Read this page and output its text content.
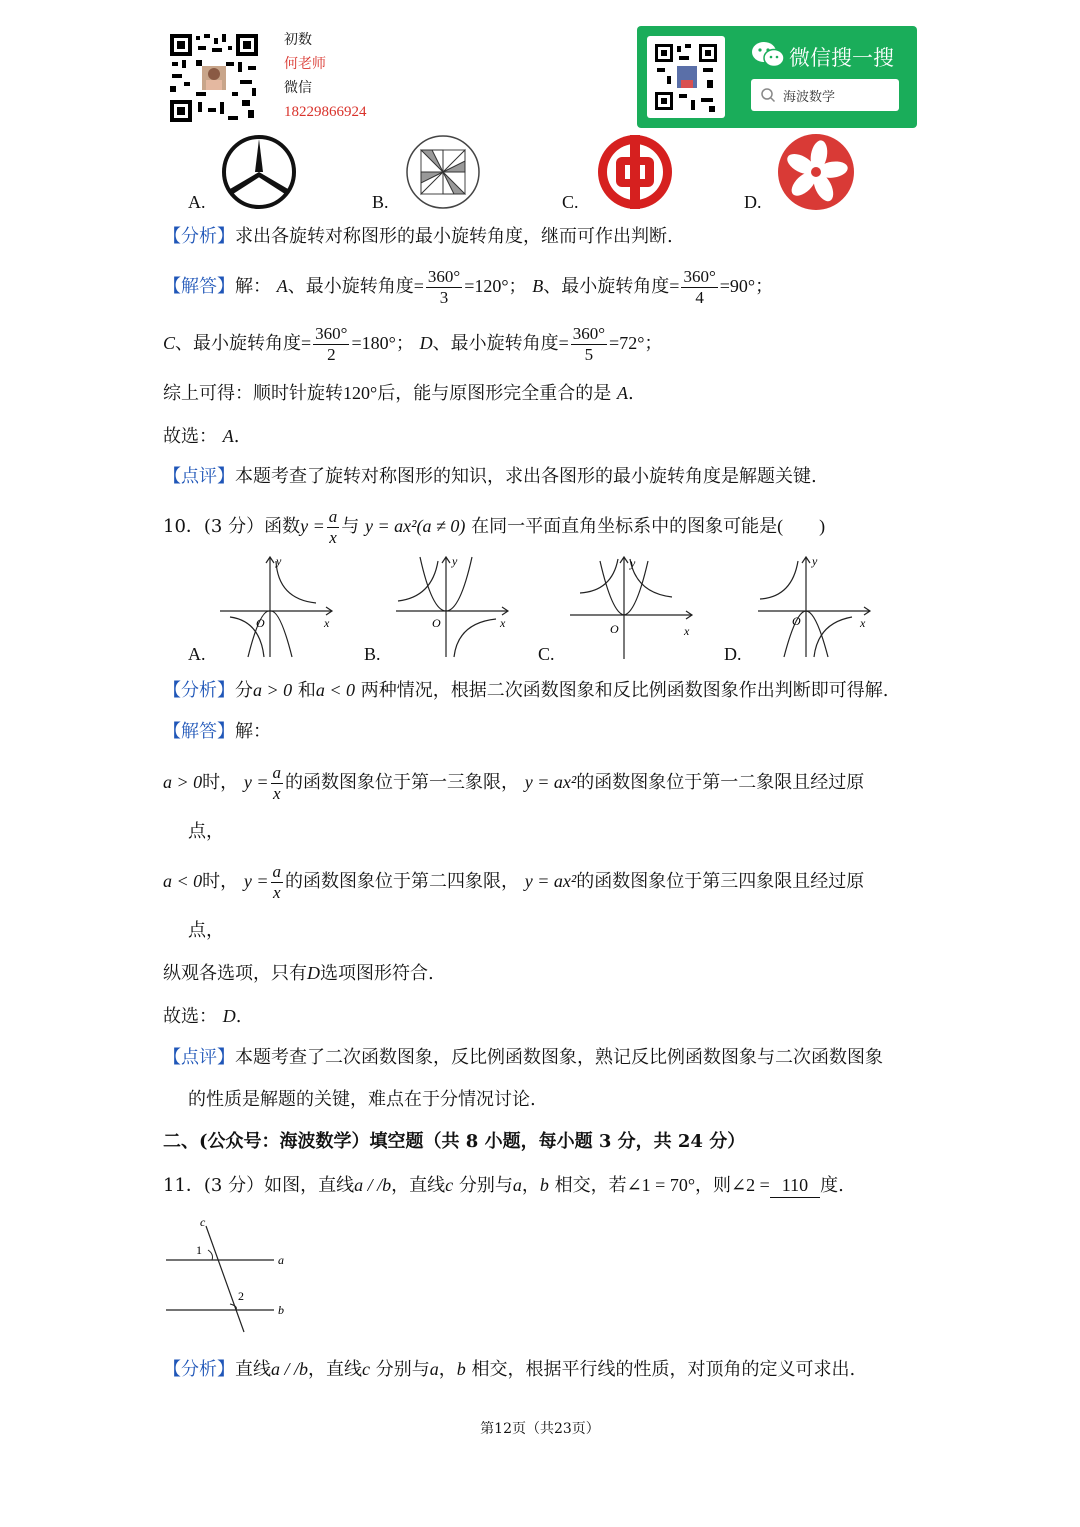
初数
何老师
微信
18229866924
微信搜一搜
海波数学
A.	B.	C.	D.
【分析】求出各旋转对称图形的最小旋转角度，继而可作出判断.
【解答】解： A、最小旋转角度= $\frac{360^\circ}{3} =120^\circ$； B、最小旋转角度= $\frac{360^\circ}{4} =90^\circ$；
C、最小旋转角度= $\frac{360^\circ}{2} =180^\circ$； D、最小旋转角度= $\frac{360^\circ}{5} =72^\circ$；
综上可得：顺时针旋转120°后，能与原图形完全重合的是 A.
故选： A.
【点评】本题考查了旋转对称图形的知识，求出各图形的最小旋转角度是解题关键.
10．(3 分）函数$y = \frac{a}{x}$ 与 y = ax²(a ≠ 0) 在同一平面直角坐标系中的图象可能是(　　)
y
O	x
A.
y
O	x
B.
y
O	x
C.
y
O	x
D.
【分析】分a > 0 和a < 0 两种情况，根据二次函数图象和反比例函数图象作出判断即可得解.
【解答】解：
a > 0时， $y = \frac{a}{x}$ 的函数图象位于第一三象限， y = ax²的函数图象位于第一二象限且经过原
点，
a < 0时， $y = \frac{a}{x}$ 的函数图象位于第二四象限， y = ax²的函数图象位于第三四象限且经过原
点，
纵观各选项，只有D选项图形符合.
故选： D.
【点评】本题考查了二次函数图象，反比例函数图象，熟记反比例函数图象与二次函数图象
的性质是解题的关键，难点在于分情况讨论.
二、(公众号：海波数学）填空题（共 8 小题，每小题 3 分，共 24 分）
11．(3 分）如图，直线a / /b，直线c 分别与a，b 相交，若∠1 = 70°，则∠2 = 110 度.
c
1
a
2
b
【分析】直线a / /b，直线c 分别与a，b 相交，根据平行线的性质，对顶角的定义可求出.
第12页（共23页）
